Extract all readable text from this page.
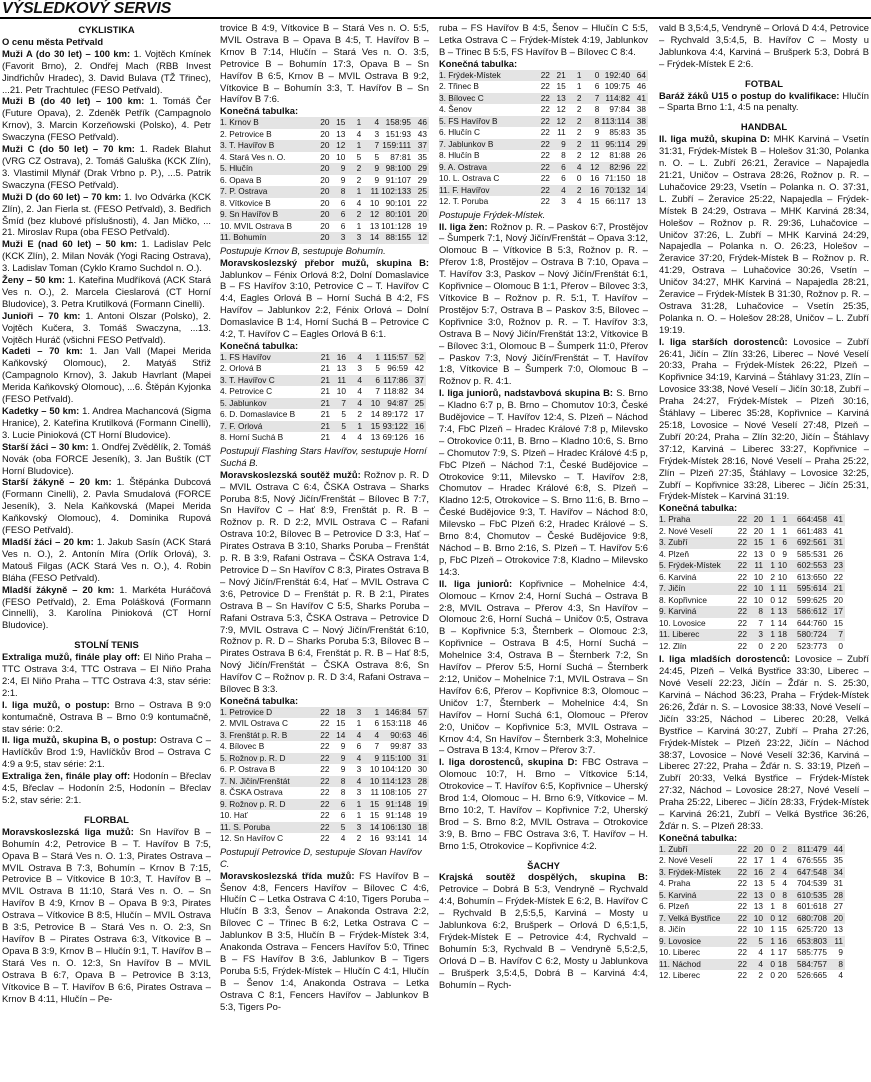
VÝSLEDKOVÝ SERVIS
CYKLISTIKA
O cenu města Petřvald

Muži A (do 30 let) – 100 km: 1. Vojtěch Kmínek (Favorit Brno), 2. Ondřej Mach (RBB Invest Jindřichův Hradec), 3. David Bulava (TŽ Třinec), ...21. Petr Trachtulec (FESO Petřvald).

Muži B (do 40 let) – 100 km: 1. Tomáš Čer (Future Opava), 2. Zdeněk Petřík (Campagnolo Krnov), 3. Marcin Korzeňowski (Polsko), 4. Petr Swaczyna (FESO Petřvald).

Muži C (do 50 let) – 70 km: 1. Radek Blahut (VRG CZ Ostrava), 2. Tomáš Galuška (KCK Zlín), 3. Vlastimil Mlynář (Drak Vrbno p. P.), ...5. Patrik Swaczyna (FESO Petřvald).

Muži D (do 60 let) – 70 km: 1. Ivo Odvárka (KCK Zlín), 2. Jan Fierla st. (FESO Petřvald), 3. Bedřich Šmíd (bez klubové příslušnosti), 4. Jan Mičko, ... 21. Miroslav Rupa (oba FESO Petřvald).

Muži E (nad 60 let) – 50 km: 1. Ladislav Pelc (KCK Zlín), 2. Milan Novák (Yogi Racing Ostrava), 3. Ladislav Toman (Cyklo Kramo Suchdol n. O.).

Ženy – 50 km: 1. Kateřina Mudříková (ACK Stará Ves n. O.), 2. Marcela Cieslarová (CT Horní Bludovice), 3. Petra Krutilková (Formann Cinelli).

Junioři – 70 km: 1. Antoni Olszar (Polsko), 2. Vojtěch Kučera, 3. Tomáš Swaczyna, ...13. Vojtěch Huráč (všichni FESO Petřvald).

Kadeti – 70 km: 1. Jan Vall (Mapei Merida Kaňkovský Olomouc), 2. Matyáš Střiž (Campagnolo Krnov), 3. Jakub Havrlant (Mapei Merida Kaňkovský Olomouc), ...6. Štěpán Kyjonka (FESO Petřvald).

Kadetky – 50 km: 1. Andrea Machancová (Sigma Hranice), 2. Kateřina Krutilková (Formann Cinelli), 3. Lucie Pinioková (CT Horní Bludovice).

Starší žáci – 30 km: 1. Ondřej Zvědělík, 2. Tomáš Novák (oba FORCE Jeseník), 3. Jan Buštík (CT Horní Bludovice).

Starší žákyně – 20 km: 1. Štěpánka Dubcová (Formann Cinelli), 2. Pavla Smudalová (FORCE Jeseník), 3. Nela Kaňkovská (Mapei Merida Kaňkovský Olomouc), 4. Dominika Rupová (FESO Petřvald).

Mladší žáci – 20 km: 1. Jakub Sasín (ACK Stará Ves n. O.), 2. Antonín Míra (Orlík Orlová), 3. Matouš Filgas (ACK Stará Ves n. O.), 4. Robin Bláha (FESO Petřvald).

Mladší žákyně – 20 km: 1. Markéta Huráčová (FESO Petřvald), 2. Ema Polášková (Formann Cinnelli), 3. Karolína Pinioková (CT Horní Bludovice).

STOLNÍ TENIS

Extraliga mužů, finále play off: El Niňo Praha – TTC Ostrava 3:4, TTC Ostrava – El Niňo Praha 2:4, El Niňo Praha – TTC Ostrava 4:3, stav série: 2:1.

I. liga mužů, o postup: Brno – Ostrava B 9:0 kontumačně, Ostrava B – Brno 0:9 kontumačně, stav série: 0:2.

II. liga mužů, skupina B, o postup: Ostrava C – Havlíčkův Brod 1:9, Havlíčkův Brod – Ostrava C 4:9 a 9:5, stav série: 2:1.

Extraliga žen, finále play off: Hodonín – Břeclav 4:5, Břeclav – Hodonín 2:5, Hodonín – Břeclav 5:2, stav série: 2:1.

FLORBAL

Moravskoslezská liga mužů: Sn Havířov B – Bohumín 4:2, Petrovice B – T. Havířov B 7:5, Opava B – Stará Ves n. O. 1:3, Pirates Ostrava – MVIL Ostrava B 7:3, Bohumín – Krnov B 7:15, Petrovice B – Vítkovice B 10:3, T. Havířov B – MVIL Ostrava B 11:10, Stará Ves n. O. – Sn Havířov B 4:9, Krnov B – Opava B 9:3, Pirates Ostrava – Vítkovice B 8:5, Hlučín – MVIL Ostrava B 3:5, Petrovice B – Stará Ves n. O. 2:3, Sn Havířov B – Pirates Ostrava 6:3, Vítkovice B – Opava B 3:9, Krnov B – Hlučín 9:1, T. Havířov B – Stará Ves n. O. 12:3, Sn Havířov B – MVIL Ostrava B 6:7, Opava B – Petrovice B 3:13, Vítkovice B – T. Havířov B 6:6, Pirates Ostrava – Krnov B 4:11, Hlučín – Pe-

trovice B 4:9, Vítkovice B – Stará Ves n. O. 5:5, MVIL Ostrava B – Opava B 4:5, T. Havířov B – Krnov B 7:14, Hlučín – Stará Ves n. O. 3:5, Petrovice B – Bohumín 17:3, Opava B – Sn Havířov B 6:5, Krnov B – MVIL Ostrava B 9:2, Vítkovice B – Bohumín 3:3, T. Havířov B – Sn Havířov B 7:6.

Konečná tabulka:
1. Krnov B	20	15	1	4	158:95	46
2. Petrovice B	20	13	4	3	151:93	43
3. T. Havířov B	20	12	1	7	159:111	37
4. Stará Ves n. O.	20	10	5	5	87:81	35
5. Hlučín	20	9	2	9	98:100	29
6. Opava B	20	9	2	9	91:107	29
7. P. Ostrava	20	8	1	11	102:133	25
8. Vítkovice B	20	6	4	10	90:101	22
9. Sn Havířov B	20	6	2	12	80:101	20
10. MVIL Ostrava B	20	6	1	13	101:128	19
11. Bohumín	20	3	3	14	88:155	12
Postupuje Krnov B, sestupuje Bohumín.

Moravskoslezský přebor mužů, skupina B: Jablunkov – Fénix Orlová 8:2, Dolní Domaslavice B – FS Havířov 3:10, Petrovice C – T. Havířov C 4:4, Eagles Orlová B – Horní Suchá B 4:2, FS Havířov – Jablunkov 2:2, Fénix Orlová – Dolní Domaslavice B 1:4, Horní Suchá B – Petrovice C 4:2, T. Havířov C – Eagles Orlová B 6:1.

Konečná tabulka:
1. FS Havířov	21	16	4	1	115:57	52
2. Orlová B	21	13	3	5	96:59	42
3. T. Havířov C	21	11	4	6	117:86	37
4. Petrovice C	21	10	4	7	118:82	34
5. Jablunkov	21	7	4	10	94:87	25
6. D. Domaslavice B	21	5	2	14	89:172	17
7. F. Orlová	21	5	1	15	93:122	16
8. Horní Suchá B	21	4	4	13	69:126	16
Postupují Flashing Stars Havířov, sestupuje Horní Suchá B.

Moravskoslezská soutěž mužů: Rožnov p. R. D – MVIL Ostrava C 6:4, ČSKA Ostrava – Sharks Poruba 8:5, Nový Jičín/Frenštát – Bílovec B 7:7, Sn Havířov C – Hať 8:9, Frenštát p. R. B – Rožnov p. R. D 2:2, MVIL Ostrava C – Rafani Ostrava 10:2, Bílovec B – Petrovice D 3:3, Hať – Pirates Ostrava B 3:10, Sharks Poruba – Frenštát p. R. B 3:9, Rafani Ostrava – ČSKA Ostrava 1:4, Petrovice D – Sn Havířov C 8:3, Pirates Ostrava B – Nový Jičín/Frenštát 6:4, Hať – MVIL Ostrava C 3:6, Petrovice D – Frenštát p. R. B 2:1, Pirates Ostrava B – Sn Havířov C 5:5, Sharks Poruba – Rafani Ostrava 5:3, ČSKA Ostrava – Petrovice D 7:9, MVIL Ostrava C – Nový Jičín/Frenštát 6:10, Rožnov p. R. D – Sharks Poruba 5:3, Bílovec B – Pirates Ostrava B 6:4, Frenštát p. R. B – Hať 8:5, Nový Jičín/Frenštát – ČSKA Ostrava 8:6, Sn Havířov C – Rožnov p. R. D 3:4, Rafani Ostrava – Bílovec B 3:3.

Konečná tabulka:
1. Petrovice D	22	18	3	1	146:84	57
2. MVIL Ostrava C	22	15	1	6	153:118	46
3. Frenštát p. R. B	22	14	4	4	90:63	46
4. Bílovec B	22	9	6	7	99:87	33
5. Rožnov p. R. D	22	9	4	9	115:100	31
6. P. Ostrava B	22	9	3	10	104:120	30
7. N. Jičín/Frenštát	22	8	4	10	114:123	28
8. ČSKA Ostrava	22	8	3	11	108:105	27
9. Rožnov p. R. D	22	6	1	15	91:148	19
10. Hať	22	6	1	15	91:148	19
11. S. Poruba	22	5	3	14	106:130	18
12. Sn Havířov C	22	4	2	16	93:141	14
Postupují Petrovice D, sestupuje Slovan Havířov C.

Moravskoslezská třída mužů: FS Havířov B – Šenov 4:8, Fencers Havířov – Bílovec C 4:6, Hlučín C – Letka Ostrava C 4:10, Tigers Poruba – Hlučín B 3:3, Šenov – Anakonda Ostrava 2:2, Bílovec C – Třinec B 6:2, Letka Ostrava C – Jablunkov B 3:5, Hlučín B – Frýdek-Místek 3:4, Anakonda Ostrava – Fencers Havířov 5:0, Třinec B – FS Havířov B 3:6, Jablunkov B – Tigers Poruba 5:5, Frýdek-Místek – Hlučín C 4:1, Hlučín B – Šenov 1:4, Anakonda Ostrava – Letka Ostrava C 8:1, Fencers Havířov – Jablunkov B 5:3, Tigers Po-

ruba – FS Havířov B 4:5, Šenov – Hlučín C 5:5, Letka Ostrava C – Frýdek-Místek 4:19, Jablunkov B – Třinec B 5:5, FS Havířov B – Bílovec C 8:4.

Konečná tabulka:
1. Frýdek-Místek	22	21	1	0	192:40	64
2. Třinec B	22	15	1	6	109:75	46
3. Bílovec C	22	13	2	7	114:82	41
4. Šenov	22	12	2	8	97:84	38
5. FS Havířov B	22	12	2	8	113:114	38
6. Hlučín C	22	11	2	9	85:83	35
7. Jablunkov B	22	9	2	11	95:114	29
8. Hlučín B	22	8	2	12	81:88	26
9. A. Ostrava	22	6	4	12	82:96	22
10. L. Ostrava C	22	6	0	16	71:150	18
11. F. Havířov	22	4	2	16	70:132	14
12. T. Poruba	22	3	4	15	66:117	13
Postupuje Frýdek-Místek.

II. liga žen: Rožnov p. R. – Paskov 6:7, Prostějov – Šumperk 7:1, Nový Jičín/Frenštát – Opava 3:12, Olomouc B – Vítkovice B 5:3, Rožnov p. R. – Přerov 1:8, Prostějov – Ostrava B 7:10, Opava – T. Havířov 3:3, Paskov – Nový Jičín/Frenštát 6:1, Kopřivnice – Olomouc B 1:1, Přerov – Bílovec 3:3, Vítkovice B – Rožnov p. R. 5:1, T. Havířov – Prostějov 5:7, Ostrava B – Paskov 3:5, Bílovec – Kopřivnice 3:0, Rožnov p. R. – T. Havířov 3:3, Ostrava B – Nový Jičín/Frenštát 13:2, Vítkovice B – Bílovec 3:1, Olomouc B – Šumperk 11:0, Přerov – Paskov 7:3, Nový Jičín/Frenštát – T. Havířov 1:8, Vítkovice B – Šumperk 7:0, Olomouc B – Rožnov p. R. 4:1.

I. liga juniorů, nadstavbová skupina B: S. Brno – Kladno 6:7 p, B. Brno – Chomutov 10:3, České Budějovice – T. Havířov 12:4, S. Plzeň – Náchod 7:4, FbC Plzeň – Hradec Králové 7:8 p, Milevsko – Otrokovice 0:11, B. Brno – Kladno 10:6, S. Brno – Chomutov 7:9, S. Plzeň – Hradec Králové 4:5 p, FbC Plzeň – Náchod 7:1, České Budějovice – Otrokovice 9:11, Milevsko – T. Havířov 2:8, Chomutov – Hradec Králové 6:8, S. Plzeň – Kladno 12:5, Otrokovice – S. Brno 11:6, B. Brno – České Budějovice 9:3, T. Havířov – Náchod 8:0, Milevsko – FbC Plzeň 6:2, Hradec Králové – S. Brno 8:4, Chomutov – České Budějovice 9:8, Náchod – B. Brno 2:16, S. Plzeň – T. Havířov 5:6 p, FbC Plzeň – Otrokovice 7:8, Kladno – Milevsko 14:3.

II. liga juniorů: Kopřivnice – Mohelnice 4:4, Olomouc – Krnov 2:4, Horní Suchá – Ostrava B 2:8, MVIL Ostrava – Přerov 4:3, Sn Havířov – Olomouc 2:6, Horní Suchá – Uničov 0:5, Ostrava B – Kopřivnice 5:3, Šternberk – Olomouc 2:3, Kopřivnice – Ostrava B 4:5, Horní Suchá – Mohelnice 3:4, Ostrava B – Šternberk 7:2, Sn Havířov – Přerov 5:5, Horní Suchá – Šternberk 2:12, Uničov – Mohelnice 7:1, MVIL Ostrava – Sn Havířov 6:6, Přerov – Kopřivnice 8:3, Olomouc – Uničov 1:7, Šternberk – Mohelnice 4:4, Sn Havířov – Horní Suchá 6:1, Olomouc – Přerov 2:0, Uničov – Kopřivnice 5:3, MVIL Ostrava – Krnov 4:4, Sn Havířov – Šternberk 3:3, Mohelnice – Ostrava B 13:4, Krnov – Přerov 3:7.

I. liga dorostenců, skupina D: FBC Ostrava – Olomouc 10:7, H. Brno – Vítkovice 5:14, Otrokovice – T. Havířov 6:5, Kopřivnice – Uherský Brod 1:4, Olomouc – H. Brno 6:9, Vítkovice – M. Brno 10:2, T. Havířov – Kopřivnice 7:2, Uherský Brod – S. Brno 8:2, MVIL Ostrava – Otrokovice 3:9, B. Brno – FBC Ostrava 3:6, T. Havířov – H. Brno 1:5, Otrokovice – Kopřivnice 4:2.

ŠACHY

Krajská soutěž dospělých, skupina B: Petrovice – Dobrá B 5:3, Vendryně – Rychvald 4:4, Bohumín – Frýdek-Místek E 6:2, B. Havířov C – Rychvald B 2,5:5,5, Karviná – Mosty u Jablunkova 6:2, Brušperk – Orlová D 6,5:1,5, Frýdek-Místek E – Petrovice 4:4, Rychvald – Bohumín 5:3, Rychvald B – Vendryně 5,5:2,5, Orlová D – B. Havířov C 6:2, Mosty u Jablunkova – Brušperk 3,5:4,5, Dobrá B – Karviná 4:4, Bohumín – Rych-

vald B 3,5:4,5, Vendryně – Orlová D 4:4, Petrovice – Rychvald 3,5:4,5, B. Havířov C – Mosty u Jablunkova 4:4, Karviná – Brušperk 5:3, Dobrá B – Frýdek-Místek E 2:6.

FOTBAL

Baráž žáků U15 o postup do kvalifikace: Hlučín – Sparta Brno 1:1, 4:5 na penalty.

HANDBAL

II. liga mužů, skupina D: MHK Karviná – Vsetín 31:31, Frýdek-Místek B – Holešov 31:30, Polanka n. O. – L. Zubří 26:21, Żeravice – Napajedla 21:21, Uničov – Ostrava 28:26, Rožnov p. R. – Luhačovice 29:23, Vsetín – Polanka n. O. 37:31, L. Zubří – Żeravice 25:22, Napajedla – Frýdek-Místek B 24:29, Ostrava – MHK Karviná 28:34, Holešov – Rožnov p. R. 29:36, Luhačovice – Uničov 37:26, L. Zubří – MHK Karviná 24:29, Napajedla – Polanka n. O. 26:23, Holešov – Żeravice 37:20, Frýdek-Místek B – Rožnov p. R. 41:29, Ostrava – Luhačovice 30:26, Vsetín – Uničov 34:27, MHK Karviná – Napajedla 28:21, Żeravice – Frýdek-Místek B 31:30, Rožnov p. R. – Ostrava 31:28, Luhačovice – Vsetín 25:35, Polanka n. O. – Holešov 28:28, Uničov – L. Zubří 19:19.

I. liga starších dorostenců: Lovosice – Zubří 26:41, Jičín – Zlín 33:26, Liberec – Nové Veselí 20:33, Praha – Frýdek-Místek 26:22, Plzeň – Kopřivnice 34:19, Karviná – Štáhlavy 31:23, Zlín – Lovosice 33:38, Nové Veselí – Jičín 30:18, Zubří – Praha 24:27, Frýdek-Místek – Plzeň 30:16, Štáhlavy – Liberec 35:28, Kopřivnice – Karviná 25:18, Lovosice – Nové Veselí 27:48, Plzeň – Zubří 20:24, Praha – Zlín 32:20, Jičín – Štáhlavy 37:12, Karviná – Liberec 33:27, Kopřivnice – Frýdek-Místek 28:16, Nové Veselí – Praha 25:22, Zlín – Plzeň 27:35, Štáhlavy – Lovosice 32:25, Zubří – Kopřivnice 33:28, Liberec – Jičín 25:31, Frýdek-Místek – Karviná 31:19.

Konečná tabulka:
1. Praha	22	20	1	1	664:458	41
2. Nové Veselí	22	20	1	1	661:483	41
3. Zubří	22	15	1	6	692:561	31
4. Plzeň	22	13	0	9	585:531	26
5. Frýdek-Místek	22	11	1	10	602:553	23
6. Karviná	22	10	2	10	613:650	22
7. Jičín	22	10	1	11	595:614	21
8. Kopřivnice	22	10	0	12	599:625	20
9. Karviná	22	8	1	13	586:612	17
10. Lovosice	22	7	1	14	644:760	15
11. Liberec	22	3	1	18	580:724	7
12. Zlín	22	0	2	20	523:773	0

I. liga mladších dorostenců: Lovosice – Zubří 24:45, Plzeň – Velká Bystřice 33:30, Liberec – Nové Veselí 22:23, Jičín – Žďár n. S. 25:30, Karviná – Náchod 36:23, Praha – Frýdek-Místek 26:26, Žďár n. S. – Lovosice 38:33, Nové Veselí – Jičín 33:25, Náchod – Liberec 20:28, Velká Bystřice – Karviná 30:27, Zubří – Praha 27:26, Frýdek-Místek – Plzeň 23:22, Jičín – Náchod 38:37, Lovosice – Nové Veselí 32:36, Karviná – Liberec 27:22, Praha – Žďár n. S. 33:19, Plzeň – Zubří 20:33, Velká Bystřice – Frýdek-Místek 27:32, Náchod – Lovosice 28:27, Nové Veselí – Praha 25:22, Liberec – Jičín 28:33, Frýdek-Místek – Karviná 26:21, Zubří – Velká Bystřice 36:26, Žďár n. S. – Plzeň 28:33.

Konečná tabulka:
1. Zubří	22	20	0	2	811:479	44
2. Nové Veselí	22	17	1	4	676:555	35
3. Frýdek-Místek	22	16	2	4	647:548	34
4. Praha	22	13	5	4	704:539	31
5. Karviná	22	13	0	8	610:535	28
6. Plzeň	22	13	1	8	601:618	27
7. Velká Bystřice	22	10	0	12	680:708	20
8. Jičín	22	10	1	15	625:720	13
9. Lovosice	22	5	1	16	653:803	11
10. Liberec	22	4	1	17	585:775	9
11. Náchod	22	4	0	18	584:757	8
12. Liberec	22	2	0	20	526:665	4
